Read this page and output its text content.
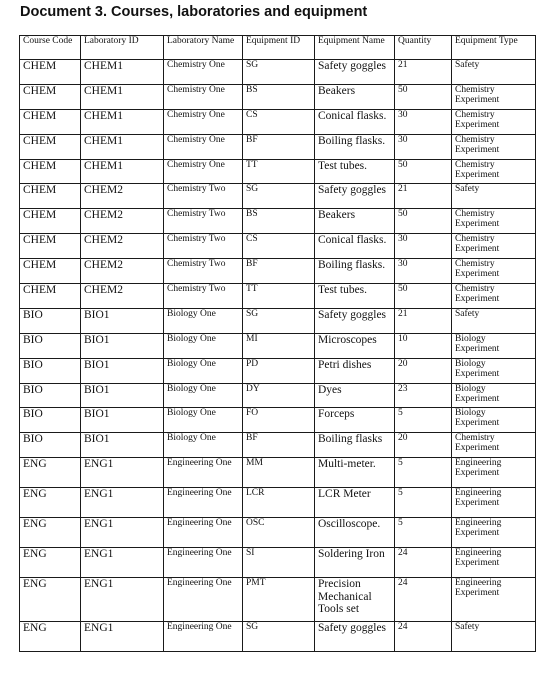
Document 3. Courses, laboratories and equipment
Course Code	Laboratory ID	Laboratory Name	Equipment ID	Equipment Name	Quantity	Equipment Type
CHEM	CHEM1	Chemistry One	SG	Safety goggles	21	Safety
CHEM	CHEM1	Chemistry One	BS	Beakers	50	Chemistry Experiment
CHEM	CHEM1	Chemistry One	CS	Conical flasks.	30	Chemistry Experiment
CHEM	CHEM1	Chemistry One	BF	Boiling flasks.	30	Chemistry Experiment
CHEM	CHEM1	Chemistry One	TT	Test tubes.	50	Chemistry Experiment
CHEM	CHEM2	Chemistry Two	SG	Safety goggles	21	Safety
CHEM	CHEM2	Chemistry Two	BS	Beakers	50	Chemistry Experiment
CHEM	CHEM2	Chemistry Two	CS	Conical flasks.	30	Chemistry Experiment
CHEM	CHEM2	Chemistry Two	BF	Boiling flasks.	30	Chemistry Experiment
CHEM	CHEM2	Chemistry Two	TT	Test tubes.	50	Chemistry Experiment
BIO	BIO1	Biology One	SG	Safety goggles	21	Safety
BIO	BIO1	Biology One	MI	Microscopes	10	Biology Experiment
BIO	BIO1	Biology One	PD	Petri dishes	20	Biology Experiment
BIO	BIO1	Biology One	DY	Dyes	23	Biology Experiment
BIO	BIO1	Biology One	FO	Forceps	5	Biology Experiment
BIO	BIO1	Biology One	BF	Boiling flasks	20	Chemistry Experiment
ENG	ENG1	Engineering One	MM	Multi-meter.	5	Engineering Experiment
ENG	ENG1	Engineering One	LCR	LCR Meter	5	Engineering Experiment
ENG	ENG1	Engineering One	OSC	Oscilloscope.	5	Engineering Experiment
ENG	ENG1	Engineering One	SI	Soldering Iron	24	Engineering Experiment
ENG	ENG1	Engineering One	PMT	Precision Mechanical Tools set	24	Engineering Experiment
ENG	ENG1	Engineering One	SG	Safety goggles	24	Safety
